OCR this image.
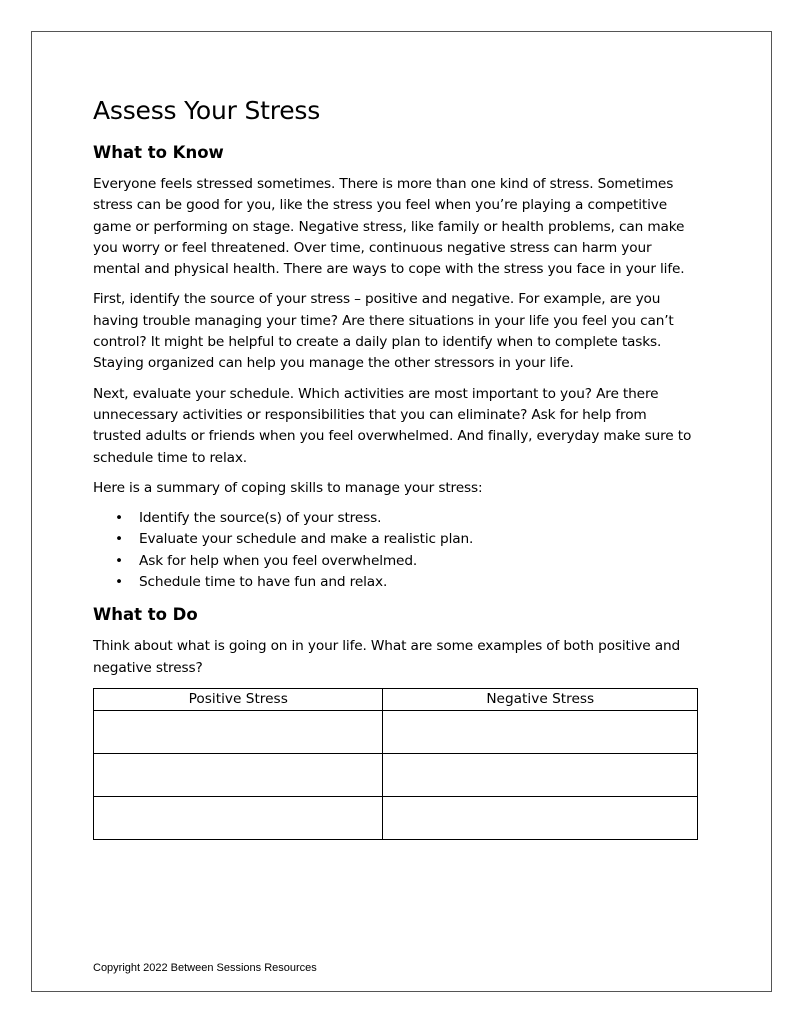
Assess Your Stress
What to Know

Everyone feels stressed sometimes. There is more than one kind of stress. Sometimes stress can be good for you, like the stress you feel when you’re playing a competitive game or performing on stage. Negative stress, like family or health problems, can make you worry or feel threatened. Over time, continuous negative stress can harm your mental and physical health. There are ways to cope with the stress you face in your life.

First, identify the source of your stress – positive and negative. For example, are you having trouble managing your time? Are there situations in your life you feel you can’t control? It might be helpful to create a daily plan to identify when to complete tasks. Staying organized can help you manage the other stressors in your life.

Next, evaluate your schedule. Which activities are most important to you? Are there unnecessary activities or responsibilities that you can eliminate? Ask for help from trusted adults or friends when you feel overwhelmed. And finally, everyday make sure to schedule time to relax.

Here is a summary of coping skills to manage your stress:

• Identify the source(s) of your stress.
• Evaluate your schedule and make a realistic plan.
• Ask for help when you feel overwhelmed.
• Schedule time to have fun and relax.
What to Do

Think about what is going on in your life. What are some examples of both positive and negative stress?

Positive Stress	Negative Stress

Copyright 2022 Between Sessions Resources
